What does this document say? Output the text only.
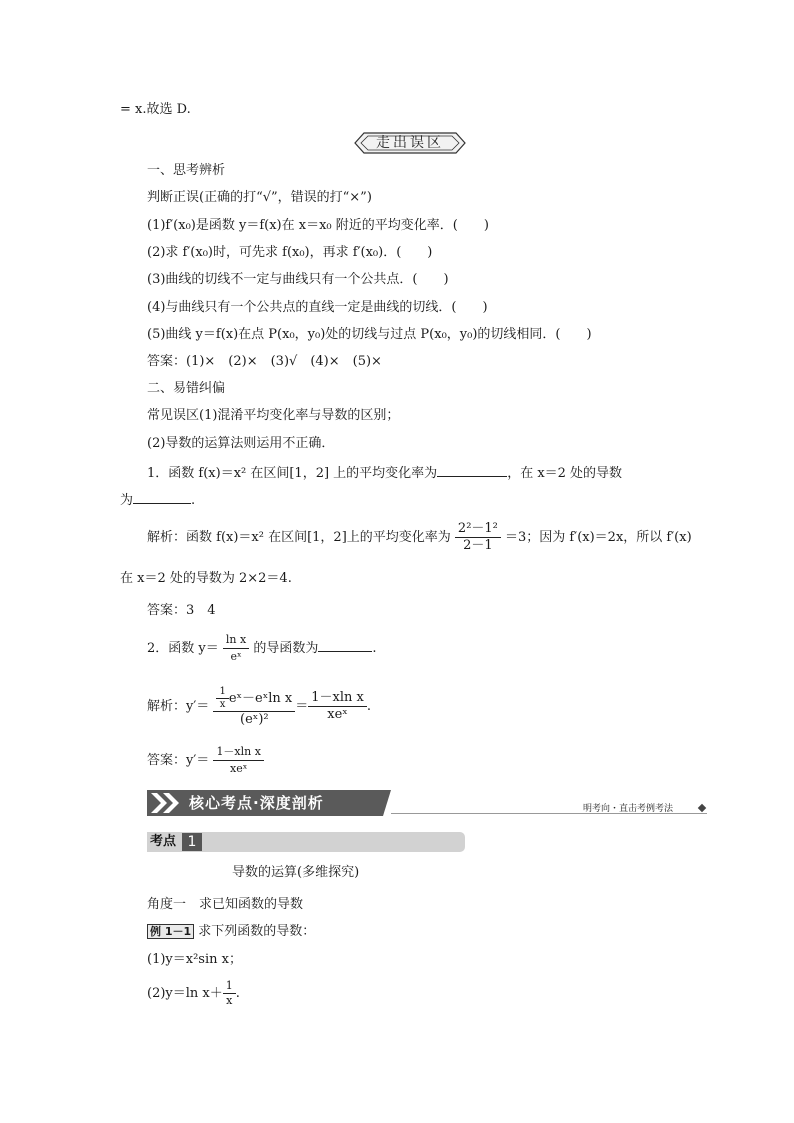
= x.故选 D.
走出误区
一、思考辨析
判断正误(正确的打“√”，错误的打“×”)
(1)f′(x₀)是函数 y＝f(x)在 x＝x₀ 附近的平均变化率．(　　)
(2)求 f′(x₀)时，可先求 f(x₀)，再求 f′(x₀)．(　　)
(3)曲线的切线不一定与曲线只有一个公共点．(　　)
(4)与曲线只有一个公共点的直线一定是曲线的切线．(　　)
(5)曲线 y＝f(x)在点 P(x₀，y₀)处的切线与过点 P(x₀，y₀)的切线相同．(　　)
答案：(1)×　(2)×　(3)√　(4)×　(5)×
二、易错纠偏
常见误区(1)混淆平均变化率与导数的区别；
(2)导数的运算法则运用不正确．
1．函数 f(x)＝x² 在区间[1，2] 上的平均变化率为	，在 x＝2 处的导数
为	.
解析：函数 f(x)＝x² 在区间[1，2]上的平均变化率为 $\frac{\text{2²－1²}}{2-1} =3$；因为 f′(x)＝2x，所以 f′(x)
在 x＝2 处的导数为 2×2＝4.
答案：3　4
2．函数 $y= \frac{\text{ln x}}{\text{eˣ}}$ 的导函数为	.
解析：$y'= \frac{\frac{1}{x} eˣ-eˣ\ln x}{\text{(eˣ)²}} = \frac{\text{1－xln x}}{\text{xeˣ}}$ .
答案：$y'= \frac{\text{1－xln x}}{\text{xeˣ}}$
核心考点·深度剖析	明考向・直击考例考法
考点 1
导数的运算(多维探究)
角度一　求已知函数的导数
例 1－1 求下列函数的导数：
(1)y＝x²sin x；
(2)y＝ln $x+ \frac{1}{x}$ .
